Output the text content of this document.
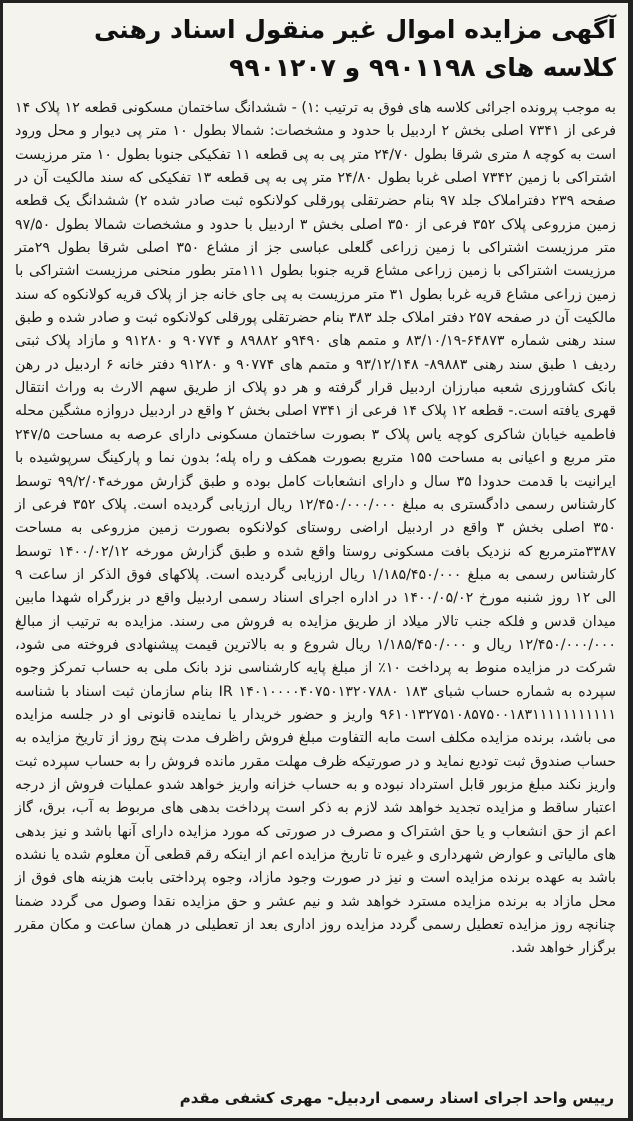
آگهی مزایده اموال غیر منقول اسناد رهنی کلاسه های ۹۹۰۱۱۹۸ و ۹۹۰۱۲۰۷

به موجب پرونده اجرائی کلاسه های فوق به ترتیب :۱) - ششدانگ ساختمان مسکونی قطعه ۱۲ پلاک ۱۴ فرعی از ۷۳۴۱ اصلی بخش ۲ اردبیل با حدود و مشخصات: شمالا بطول ۱۰ متر پی دیوار و محل ورود است به کوچه ۸ متری شرقا بطول ۲۴/۷۰ متر پی به پی قطعه ۱۱ تفکیکی جنوبا بطول ۱۰ متر مرزیست اشتراکی با زمین ۷۳۴۲ اصلی غربا بطول ۲۴/۸۰ متر پی به پی قطعه ۱۳ تفکیکی که سند مالکیت آن در صفحه ۲۳۹ دفتراملاک جلد ۹۷ بنام حضرتقلی پورقلی کولانکوه ثبت صادر شده ۲) ششدانگ یک قطعه زمین مزروعی پلاک ۳۵۲ فرعی از ۳۵۰ اصلی بخش ۳ اردبیل با حدود و مشخصات شمالا بطول ۹۷/۵۰ متر مرزیست اشتراکی با زمین زراعی گلعلی عباسی جز از مشاع ۳۵۰ اصلی شرقا بطول ۲۹متر مرزیست اشتراکی با زمین زراعی مشاع قریه جنوبا بطول ۱۱۱متر بطور منحنی مرزیست اشتراکی با زمین زراعی مشاع قریه غربا بطول ۳۱ متر مرزیست به پی جای خانه جز از پلاک قریه کولانکوه که سند مالکیت آن در صفحه ۲۵۷ دفتر املاک جلد ۳۸۳ بنام حضرتقلی پورقلی کولانکوه ثبت و صادر شده و طبق سند رهنی شماره ۶۴۸۷۳-۸۳/۱۰/۱۹ و متمم های ۹۴۹۰و ۸۹۸۸۲ و ۹۰۷۷۴ و ۹۱۲۸۰ و مازاد پلاک ثبتی ردیف ۱ طبق سند رهنی ۸۹۸۸۳- ۹۳/۱۲/۱۴۸ و متمم های ۹۰۷۷۴ و ۹۱۲۸۰ دفتر خانه ۶ اردبیل در رهن بانک کشاورزی شعبه مبارزان اردبیل قرار گرفته و هر دو پلاک از طریق سهم الارث به وراث انتقال قهری یافته است.- قطعه ۱۲ پلاک ۱۴ فرعی از ۷۳۴۱ اصلی بخش ۲ واقع در اردبیل دروازه مشگین محله فاطمیه خیابان شاکری کوچه یاس پلاک ۳ بصورت ساختمان مسکونی دارای عرصه به مساحت ۲۴۷/۵ متر مربع و اعیانی به مساحت ۱۵۵ متربع بصورت همکف و راه پله؛ بدون نما و پارکینگ سرپوشیده با ایرانیت با قدمت حدودا ۳۵ سال و دارای انشعابات کامل بوده و طبق گزارش مورخه۹۹/۲/۰۴ توسط کارشناس رسمی دادگستری به مبلغ ۱۲/۴۵۰/۰۰۰/۰۰۰ ریال ارزیابی گردیده است. پلاک ۳۵۲ فرعی از ۳۵۰ اصلی بخش ۳ واقع در اردبیل اراضی روستای کولانکوه بصورت زمین مزروعی به مساحت ۳۳۸۷مترمربع که نزدیک بافت مسکونی روستا واقع شده و طبق گزارش مورخه ۱۴۰۰/۰۲/۱۲ توسط کارشناس رسمی به مبلغ ۱/۱۸۵/۴۵۰/۰۰۰ ریال ارزیابی گردیده است. پلاکهای فوق الذکر از ساعت ۹ الی ۱۲ روز شنبه مورخ ۱۴۰۰/۰۵/۰۲ در اداره اجرای اسناد رسمی اردبیل واقع در بزرگراه شهدا مابین میدان قدس و فلکه جنب تالار میلاد از طریق مزایده به فروش می رسند. مزایده به ترتیب از مبالغ ۱۲/۴۵۰/۰۰۰/۰۰۰ ریال و ۱/۱۸۵/۴۵۰/۰۰۰ ریال شروع و به بالاترین قیمت پیشنهادی فروخته می شود، شرکت در مزایده منوط به پرداخت ۱۰٪ از مبلغ پایه کارشناسی نزد بانک ملی به حساب تمرکز وجوه سپرده به شماره حساب شبای ۱۸۳ IR ۱۴۰۱۰۰۰۰۴۰۷۵۰۱۳۲۰۷۸۸۰ بنام سازمان ثبت اسناد با شناسه ۹۶۱۰۱۳۲۷۵۱۰۸۵۷۵۰۰۱۸۳۱۱۱۱۱۱۱۱۱۱۱ واریز و حضور خریدار یا نماینده قانونی او در جلسه مزایده می باشد، برنده مزایده مکلف است مابه التفاوت مبلغ فروش راظرف مدت پنج روز از تاریخ مزایده به حساب صندوق ثبت تودیع نماید و در صورتیکه ظرف مهلت مقرر مانده فروش را به حساب سپرده ثبت واریز نکند مبلغ مزبور قابل استرداد نبوده و به حساب خزانه واریز خواهد شدو عملیات فروش از درجه اعتبار ساقط و مزایده تجدید خواهد شد لازم به ذکر است پرداخت بدهی های مربوط به آب، برق، گاز اعم از حق انشعاب و یا حق اشتراک و مصرف در صورتی که مورد مزایده دارای آنها باشد و نیز بدهی های مالیاتی و عوارض شهرداری و غیره تا تاریخ مزایده اعم از اینکه رقم قطعی آن معلوم شده یا نشده باشد به عهده برنده مزایده است و نیز در صورت وجود مازاد، وجوه پرداختی بابت هزینه های فوق از محل مازاد به برنده مزایده مسترد خواهد شد و نیم عشر و حق مزایده نقدا وصول می گردد ضمنا چنانچه روز مزایده تعطیل رسمی گردد مزایده روز اداری بعد از تعطیلی در همان ساعت و مکان مقرر برگزار خواهد شد.

رییس واحد اجرای اسناد رسمی اردبیل- مهری کشفی مقدم
